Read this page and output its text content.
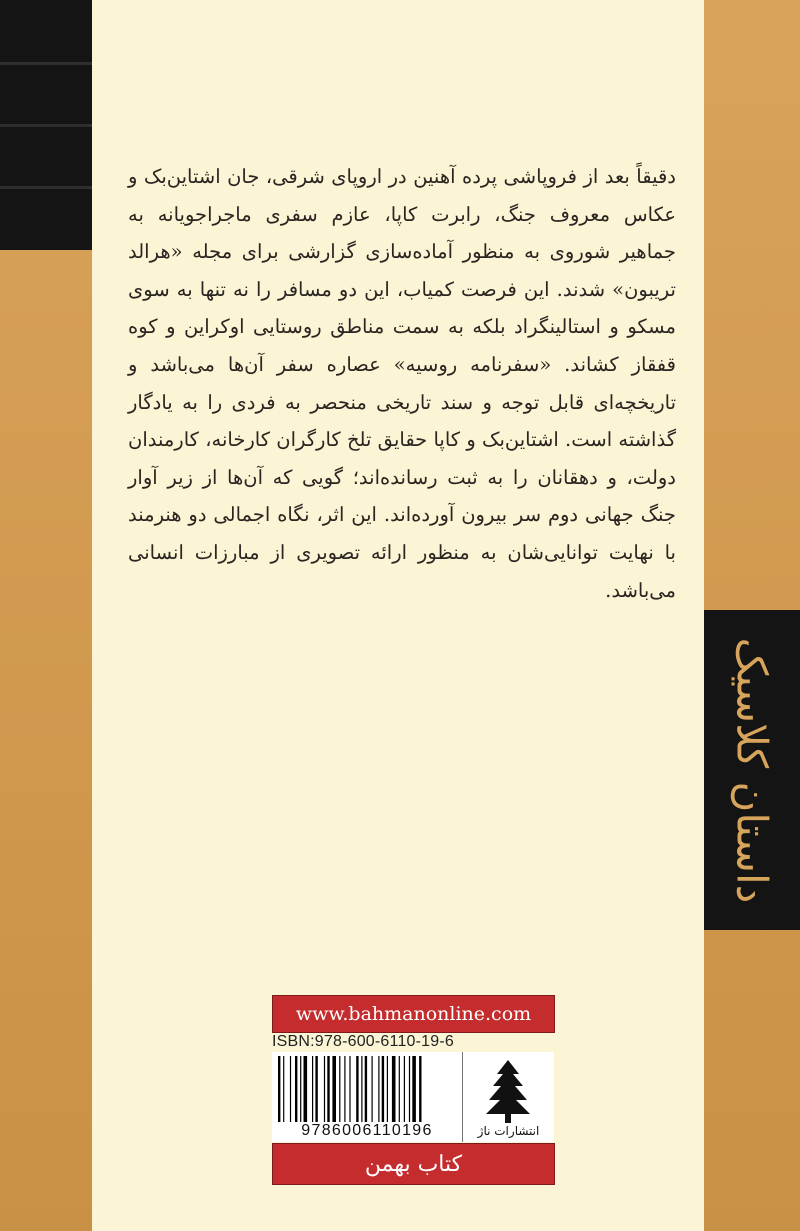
داستان کلاسیک

دقیقاً بعد از فروپاشی پرده آهنین در اروپای شرقی، جان اشتاین‌بک و عکاس معروف جنگ، رابرت کاپا، عازم سفری ماجراجویانه به جماهیر شوروی به منظور آماده‌سازی گزارشی برای مجله «هرالد تریبون» شدند. این فرصت کمیاب، این دو مسافر را نه تنها به سوی مسکو و استالینگراد بلکه به سمت مناطق روستایی اوکراین و کوه قفقاز کشاند. «سفرنامه روسیه» عصاره سفر آن‌ها می‌باشد و تاریخچه‌ای قابل توجه و سند تاریخی منحصر به فردی را به یادگار گذاشته است. اشتاین‌بک و کاپا حقایق تلخ کارگران کارخانه، کارمندان دولت، و دهقانان را به ثبت رسانده‌اند؛ گویی که آن‌ها از زیر آوار جنگ جهانی دوم سر بیرون آورده‌اند. این اثر، نگاه اجمالی دو هنرمند با نهایت توانایی‌شان به منظور ارائه تصویری از مبارزات انسانی می‌باشد.

www.bahmanonline.com
ISBN:978-600-6110-19-6
9786006110196	انتشارات ناژ
کتاب بهمن
